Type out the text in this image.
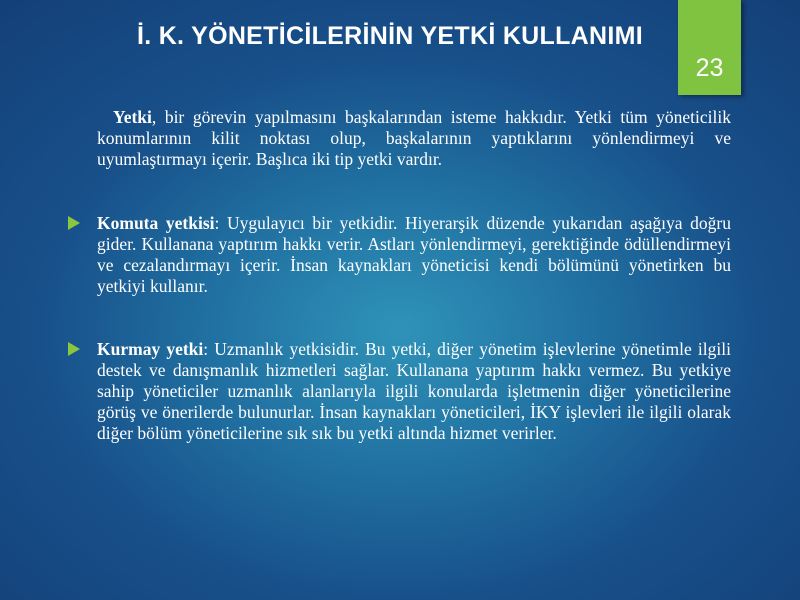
İ. K. YÖNETİCİLERİNİN YETKİ KULLANIMI
23

Yetki, bir görevin yapılmasını başkalarından isteme hakkıdır. Yetki tüm yöneticilik konumlarının kilit noktası olup, başkalarının yaptıklarını yönlendirmeyi ve uyumlaştırmayı içerir. Başlıca iki tip yetki vardır.

Komuta yetkisi: Uygulayıcı bir yetkidir. Hiyerarşik düzende yukarıdan aşağıya doğru gider. Kullanana yaptırım hakkı verir. Astları yönlendirmeyi, gerektiğinde ödüllendirmeyi ve cezalandırmayı içerir. İnsan kaynakları yöneticisi kendi bölümünü yönetirken bu yetkiyi kullanır.

Kurmay yetki: Uzmanlık yetkisidir. Bu yetki, diğer yönetim işlevlerine yönetimle ilgili destek ve danışmanlık hizmetleri sağlar. Kullanana yaptırım hakkı vermez. Bu yetkiye sahip yöneticiler uzmanlık alanlarıyla ilgili konularda işletmenin diğer yöneticilerine görüş ve önerilerde bulunurlar. İnsan kaynakları yöneticileri, İKY işlevleri ile ilgili olarak diğer bölüm yöneticilerine sık sık bu yetki altında hizmet verirler.
